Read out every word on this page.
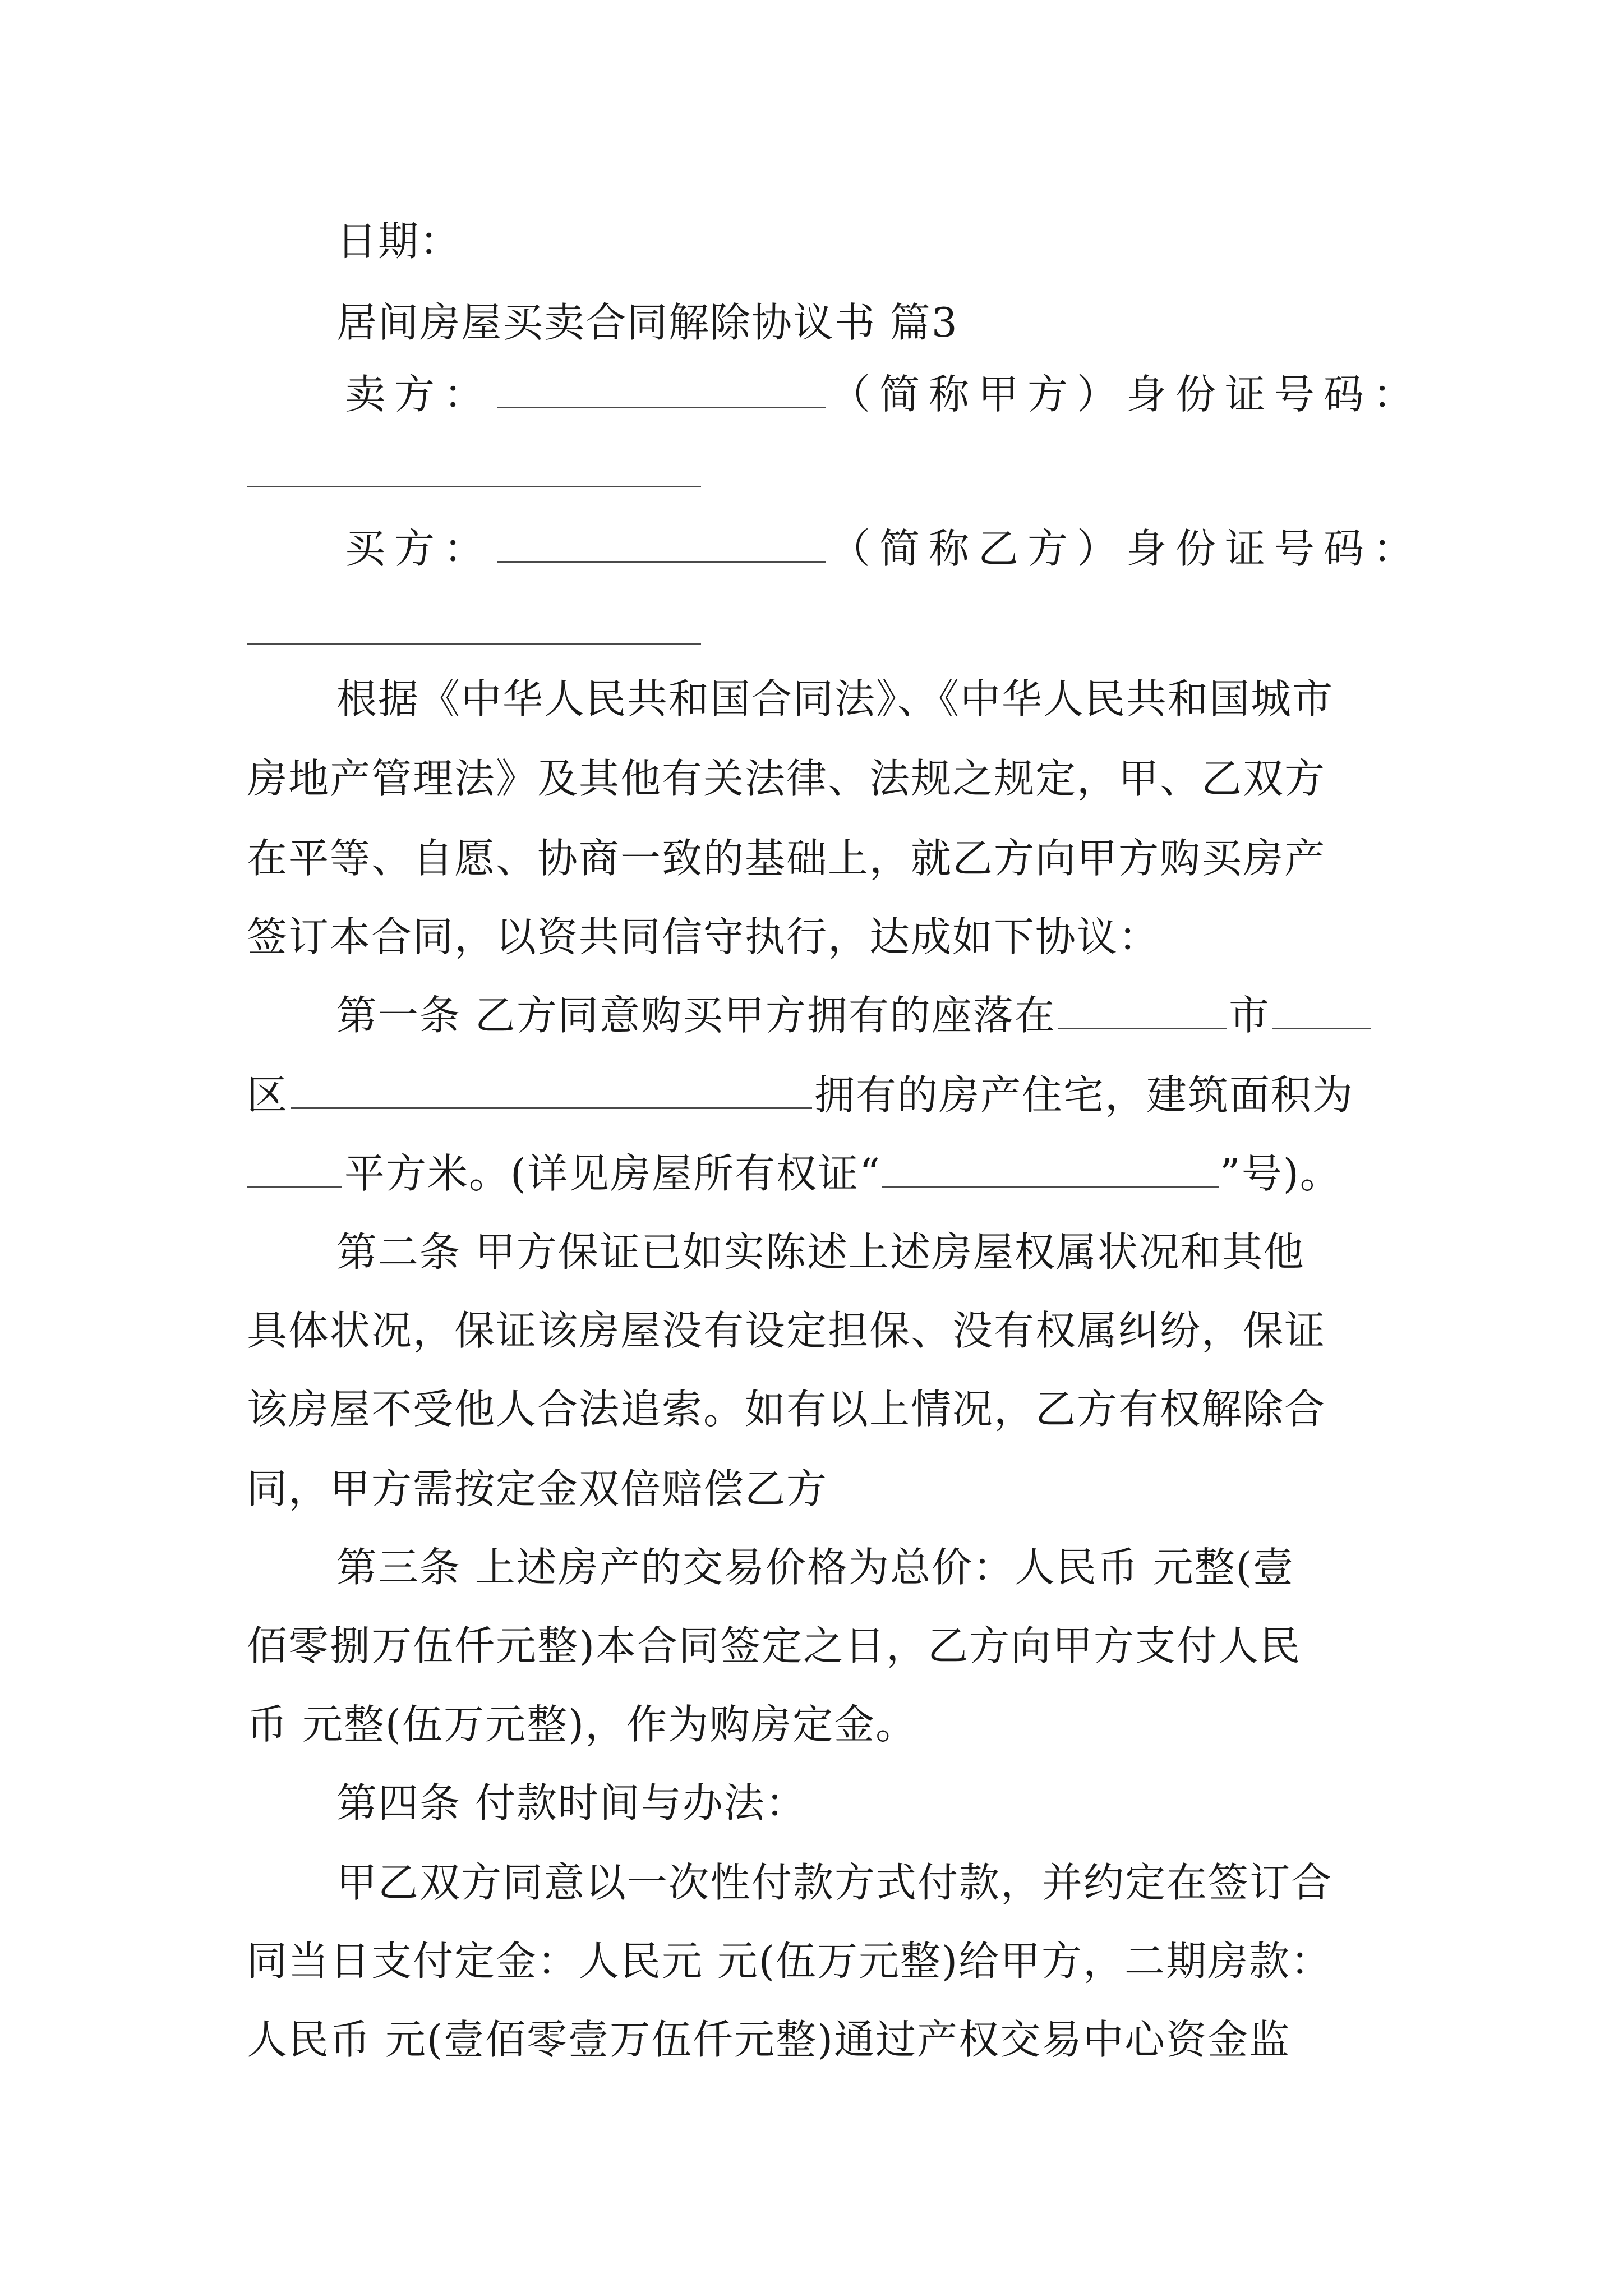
日期：
居间房屋买卖合同解除协议书 篇3
卖方：	（简称甲方）身份证号码：
买方：	（简称乙方）身份证号码：
根据《中华人民共和国合同法》、《中华人民共和国城市
房地产管理法》及其他有关法律、法规之规定，甲、乙双方
在平等、自愿、协商一致的基础上，就乙方向甲方购买房产
签订本合同，以资共同信守执行，达成如下协议：
第一条 乙方同意购买甲方拥有的座落在	市
区	拥有的房产住宅，建筑面积为
平方米。(详见房屋所有权证“	”号)。
第二条 甲方保证已如实陈述上述房屋权属状况和其他
具体状况，保证该房屋没有设定担保、没有权属纠纷，保证
该房屋不受他人合法追索。如有以上情况，乙方有权解除合
同，甲方需按定金双倍赔偿乙方
第三条 上述房产的交易价格为总价：人民币 元整(壹
佰零捌万伍仟元整)本合同签定之日，乙方向甲方支付人民
币 元整(伍万元整)，作为购房定金。
第四条 付款时间与办法：
甲乙双方同意以一次性付款方式付款，并约定在签订合
同当日支付定金：人民元 元(伍万元整)给甲方，二期房款：
人民币 元(壹佰零壹万伍仟元整)通过产权交易中心资金监
